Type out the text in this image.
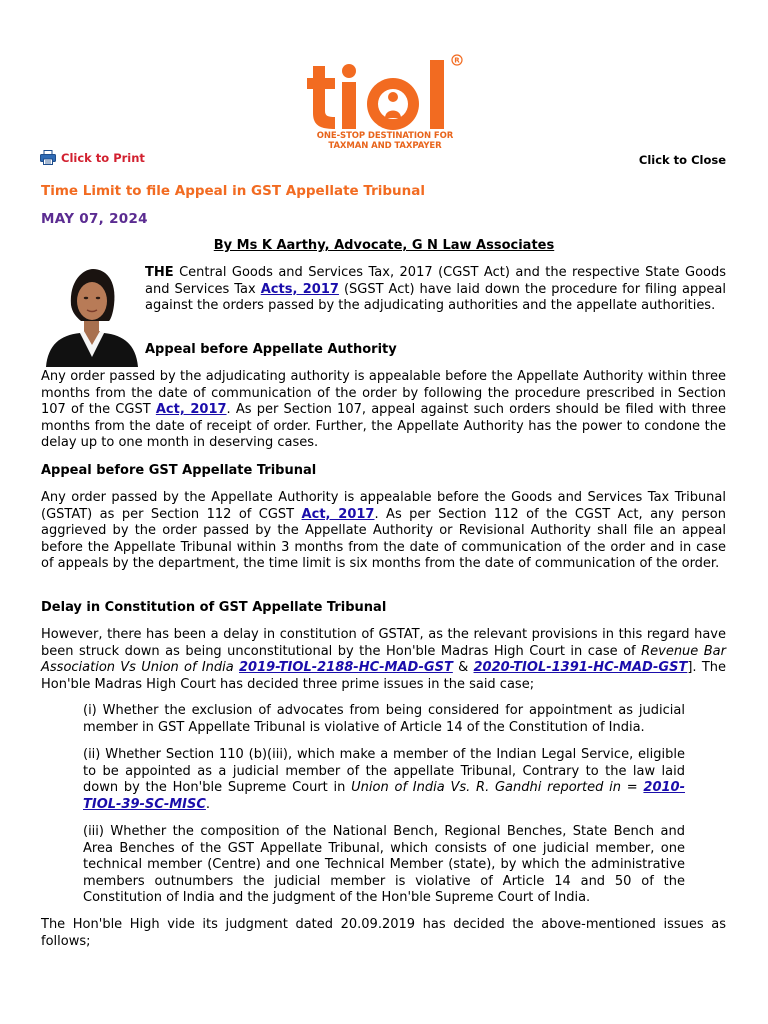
R
ONE-STOP DESTINATION FOR
TAXMAN AND TAXPAYER
Click to Print	Click to Close
Time Limit to file Appeal in GST Appellate Tribunal
MAY 07, 2024
By Ms K Aarthy, Advocate, G N Law Associates

THE Central Goods and Services Tax, 2017 (CGST Act) and the respective State Goods and Services Tax Acts, 2017 (SGST Act) have laid down the procedure for filing appeal against the orders passed by the adjudicating authorities and the appellate authorities.

Appeal before Appellate Authority

Any order passed by the adjudicating authority is appealable before the Appellate Authority within three months from the date of communication of the order by following the procedure prescribed in Section 107 of the CGST Act, 2017. As per Section 107, appeal against such orders should be filed with three months from the date of receipt of order. Further, the Appellate Authority has the power to condone the delay up to one month in deserving cases.

Appeal before GST Appellate Tribunal

Any order passed by the Appellate Authority is appealable before the Goods and Services Tax Tribunal (GSTAT) as per Section 112 of CGST Act, 2017. As per Section 112 of the CGST Act, any person aggrieved by the order passed by the Appellate Authority or Revisional Authority shall file an appeal before the Appellate Tribunal within 3 months from the date of communication of the order and in case of appeals by the department, the time limit is six months from the date of communication of the order.

Delay in Constitution of GST Appellate Tribunal

However, there has been a delay in constitution of GSTAT, as the relevant provisions in this regard have been struck down as being unconstitutional by the Hon'ble Madras High Court in case of Revenue Bar Association Vs Union of India 2019-TIOL-2188-HC-MAD-GST & 2020-TIOL-1391-HC-MAD-GST]. The Hon'ble Madras High Court has decided three prime issues in the said case;

(i) Whether the exclusion of advocates from being considered for appointment as judicial member in GST Appellate Tribunal is violative of Article 14 of the Constitution of India.

(ii) Whether Section 110 (b)(iii), which make a member of the Indian Legal Service, eligible to be appointed as a judicial member of the appellate Tribunal, Contrary to the law laid down by the Hon'ble Supreme Court in Union of India Vs. R. Gandhi reported in = 2010-TIOL-39-SC-MISC.

(iii) Whether the composition of the National Bench, Regional Benches, State Bench and Area Benches of the GST Appellate Tribunal, which consists of one judicial member, one technical member (Centre) and one Technical Member (state), by which the administrative members outnumbers the judicial member is violative of Article 14 and 50 of the Constitution of India and the judgment of the Hon'ble Supreme Court of India.

The Hon'ble High vide its judgment dated 20.09.2019 has decided the above-mentioned issues as follows;
